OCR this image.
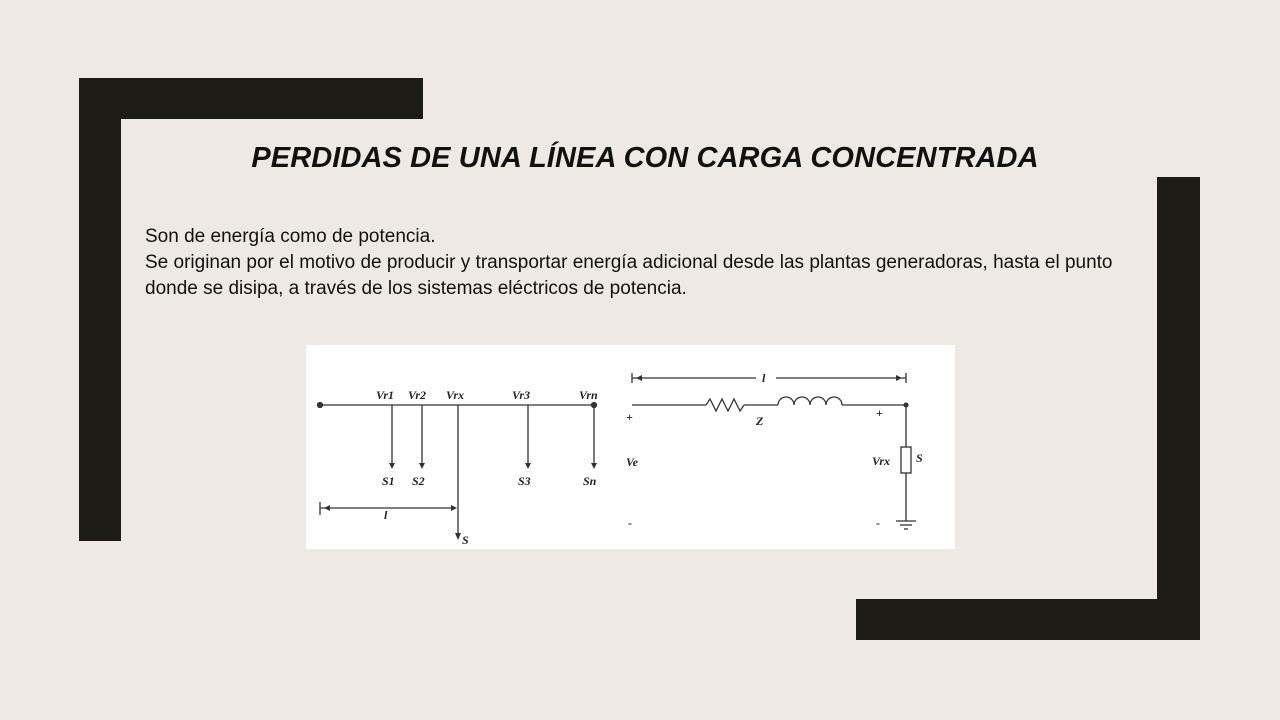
PERDIDAS DE UNA LÍNEA CON CARGA CONCENTRADA

Son de energía como de potencia.

Se originan por el motivo de producir y transportar energía adicional desde las plantas generadoras, hasta el punto donde se disipa, a través de los sistemas eléctricos de potencia.

Vr1 Vr2 Vrx	Vr3	Vrn
S1 S2	S3	Sn
l
S
l
Z
+	+
Ve	Vrx S
-	-
